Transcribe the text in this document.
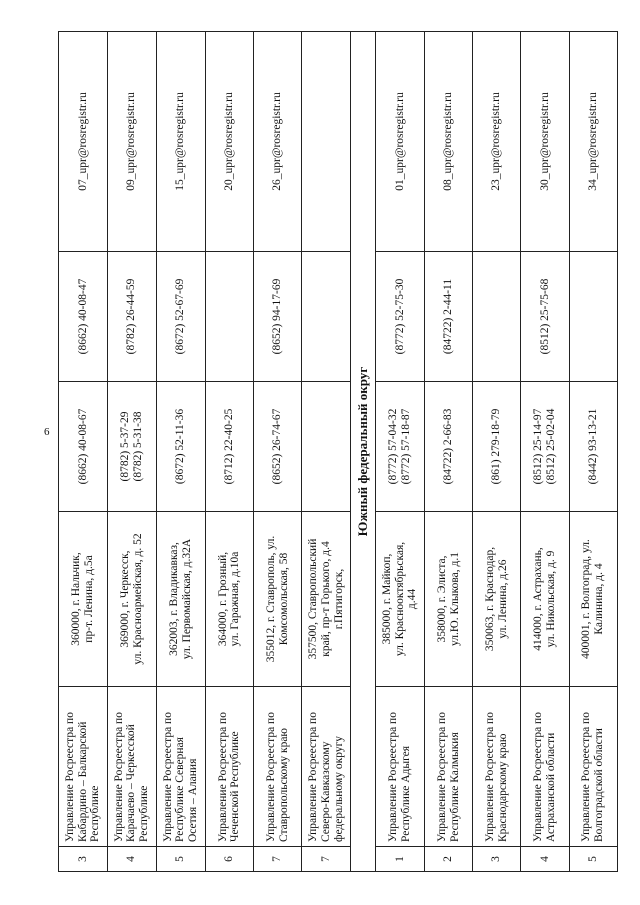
6
3	Управление Росреестра по Кабардино – Балкарской Республике	360000, г. Нальчик, пр-т. Ленина, д.5а	(8662) 40-08-67	(8662) 40-08-47	07_upr@rosregistr.ru
4	Управление Росреестра по Карачаево – Черкесской Республике	369000, г. Черкесск, ул. Красноармейская, д. 52	(8782) 5-37-29 (8782) 5-31-38	(8782) 26-44-59	09_upr@rosregistr.ru
5	Управление Росреестра по Республике Северная Осетия – Алания	362003, г. Владикавказ, ул. Первомайская, д.32А	(8672) 52-11-36	(8672) 52-67-69	15_upr@rosregistr.ru
6	Управление Росреестра по Чеченской Республике	364000, г. Грозный, ул. Гаражная, д.10а	(8712) 22-40-25		20_upr@rosregistr.ru
7	Управление Росреестра по Ставропольскому краю	355012, г. Ставрополь, ул. Комсомольская, 58	(8652) 26-74-67	(8652) 94-17-69	26_upr@rosregistr.ru
7	Управление Росреестра по Северо-Кавказскому федеральному округу	357500, Ставропольский край, пр-т Горького, д.4 г.Пятигорск,			

Южный федеральный округ					
1	Управление Росреестра по Республике Адыгея	385000, г. Майкоп, ул. Краснооктябрьская, д.44	(8772) 57-04-32 (8772) 57-18-87	(8772) 52-75-30	01_upr@rosregistr.ru
2	Управление Росреестра по Республике Калмыкия	358000, г. Элиста, ул.Ю. Клыкова, д.1	(84722) 2-66-83	(84722) 2-44-11	08_upr@rosregistr.ru
3	Управление Росреестра по Краснодарскому краю	350063, г. Краснодар, ул. Ленина, д.26	(861) 279-18-79		23_upr@rosregistr.ru
4	Управление Росреестра по Астраханской области	414000, г. Астрахань, ул. Никольская, д. 9	(8512) 25-14-97 (8512) 25-02-04	(8512) 25-75-68	30_upr@rosregistr.ru
5	Управление Росреестра по Волгоградской области	400001, г. Волгоград, ул. Калинина, д. 4	(8442) 93-13-21		34_upr@rosregistr.ru
